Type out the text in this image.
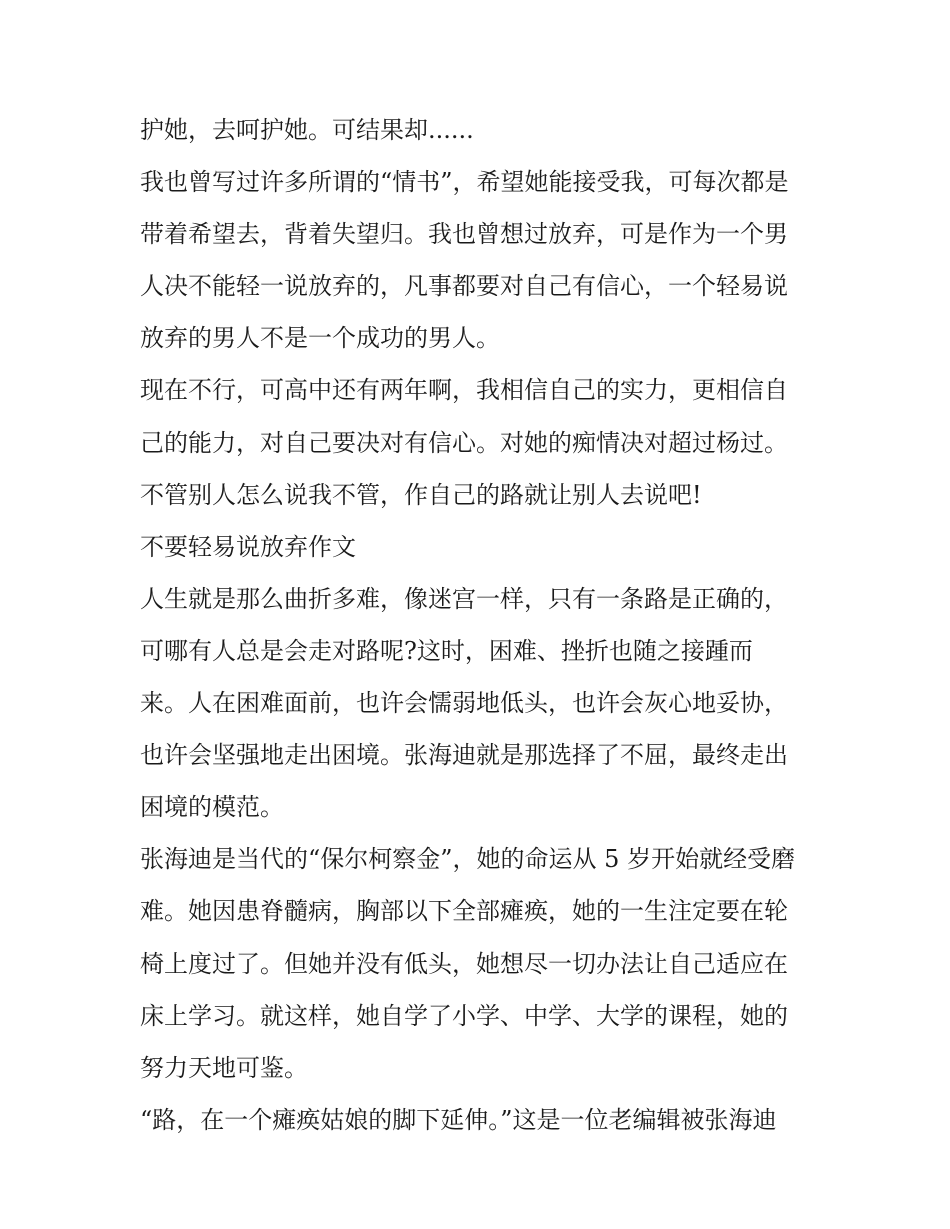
护她，去呵护她。可结果却......
我也曾写过许多所谓的“情书”，希望她能接受我，可每次都是
带着希望去，背着失望归。我也曾想过放弃，可是作为一个男
人决不能轻一说放弃的，凡事都要对自己有信心，一个轻易说
放弃的男人不是一个成功的男人。
现在不行，可高中还有两年啊，我相信自己的实力，更相信自
己的能力，对自己要决对有信心。对她的痴情决对超过杨过。
不管别人怎么说我不管，作自己的路就让别人去说吧!
不要轻易说放弃作文
人生就是那么曲折多难，像迷宫一样，只有一条路是正确的，
可哪有人总是会走对路呢?这时，困难、挫折也随之接踵而
来。人在困难面前，也许会懦弱地低头，也许会灰心地妥协，
也许会坚强地走出困境。张海迪就是那选择了不屈，最终走出
困境的模范。
张海迪是当代的“保尔柯察金”，她的命运从 5 岁开始就经受磨
难。她因患脊髓病，胸部以下全部瘫痪，她的一生注定要在轮
椅上度过了。但她并没有低头，她想尽一切办法让自己适应在
床上学习。就这样，她自学了小学、中学、大学的课程，她的
努力天地可鉴。
“路，在一个瘫痪姑娘的脚下延伸。”这是一位老编辑被张海迪
